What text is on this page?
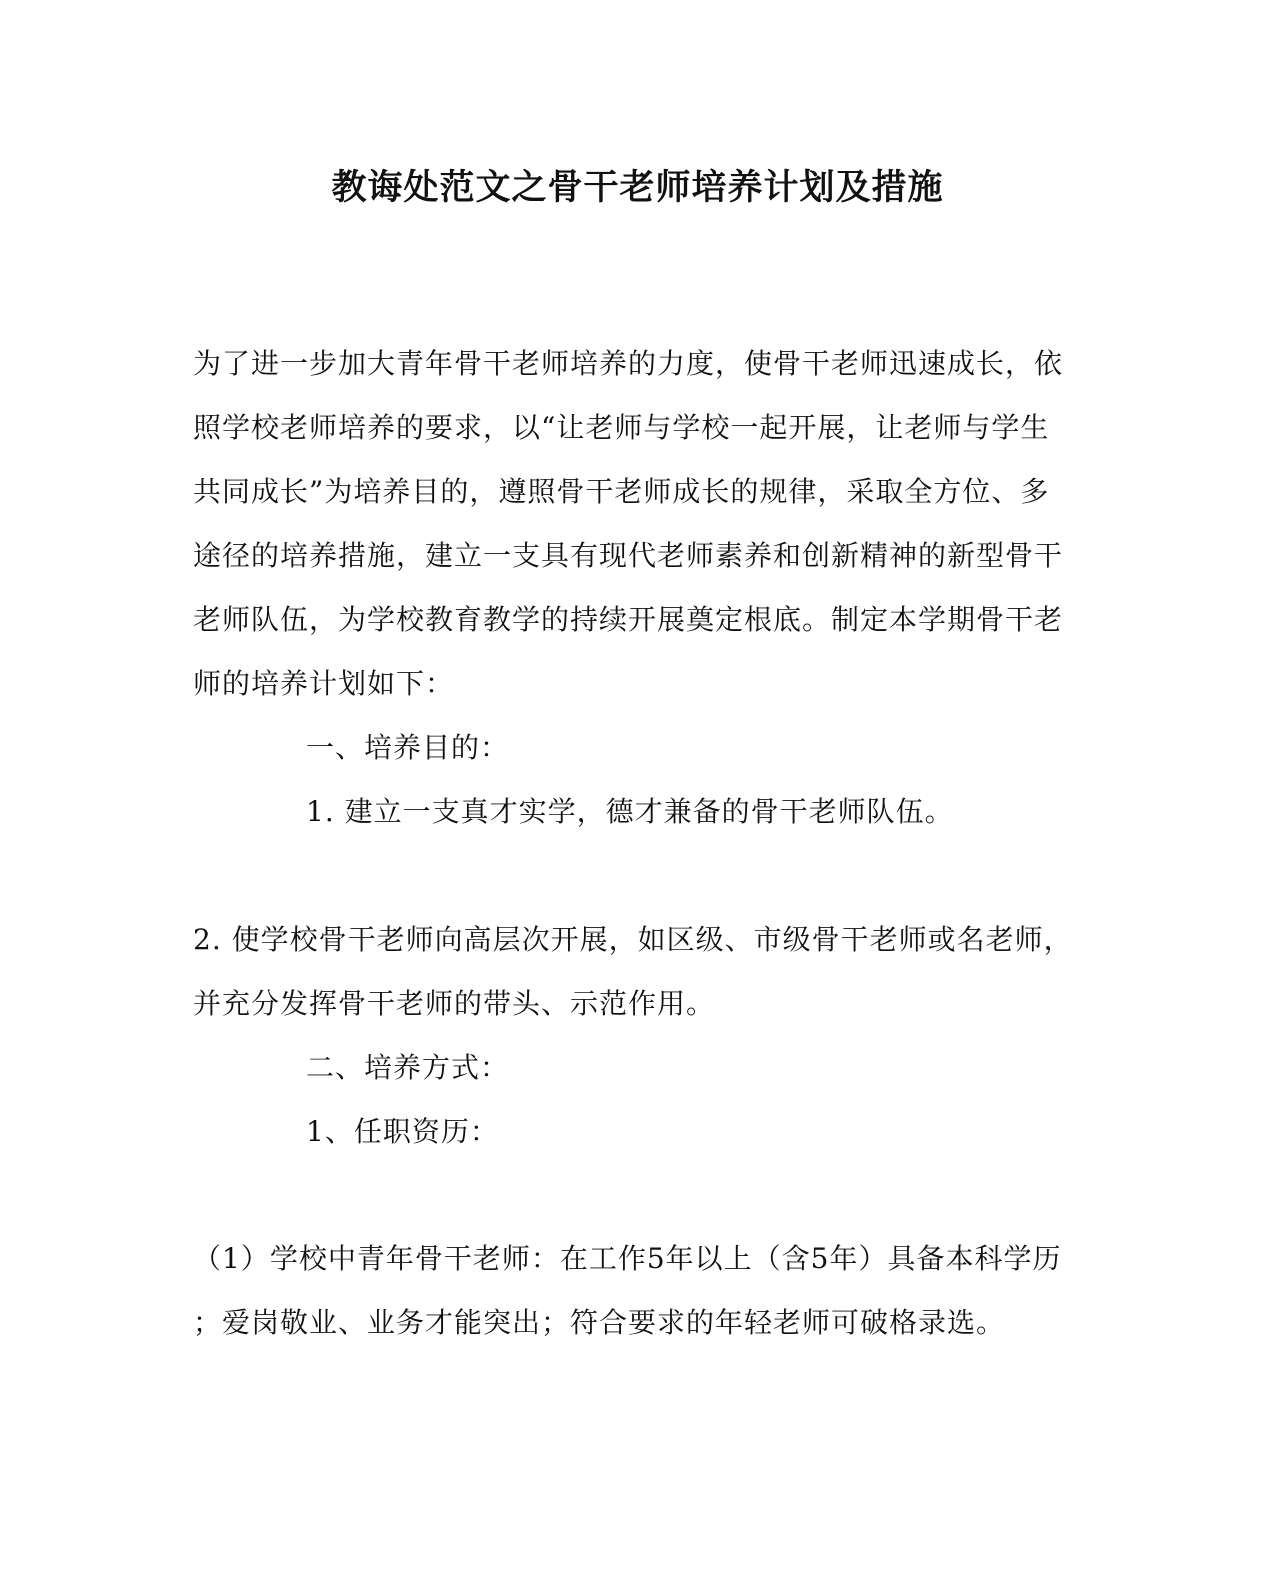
教诲处范文之骨干老师培养计划及措施
为了进一步加大青年骨干老师培养的力度，使骨干老师迅速成长，依
照学校老师培养的要求，以“让老师与学校一起开展，让老师与学生
共同成长”为培养目的，遵照骨干老师成长的规律，采取全方位、多
途径的培养措施，建立一支具有现代老师素养和创新精神的新型骨干
老师队伍，为学校教育教学的持续开展奠定根底。制定本学期骨干老
师的培养计划如下：
一、培养目的：
1. 建立一支真才实学，德才兼备的骨干老师队伍。
2. 使学校骨干老师向高层次开展，如区级、市级骨干老师或名老师，
并充分发挥骨干老师的带头、示范作用。
二、培养方式：
1、任职资历：
（1）学校中青年骨干老师：在工作5年以上（含5年）具备本科学历
；爱岗敬业、业务才能突出；符合要求的年轻老师可破格录选。
